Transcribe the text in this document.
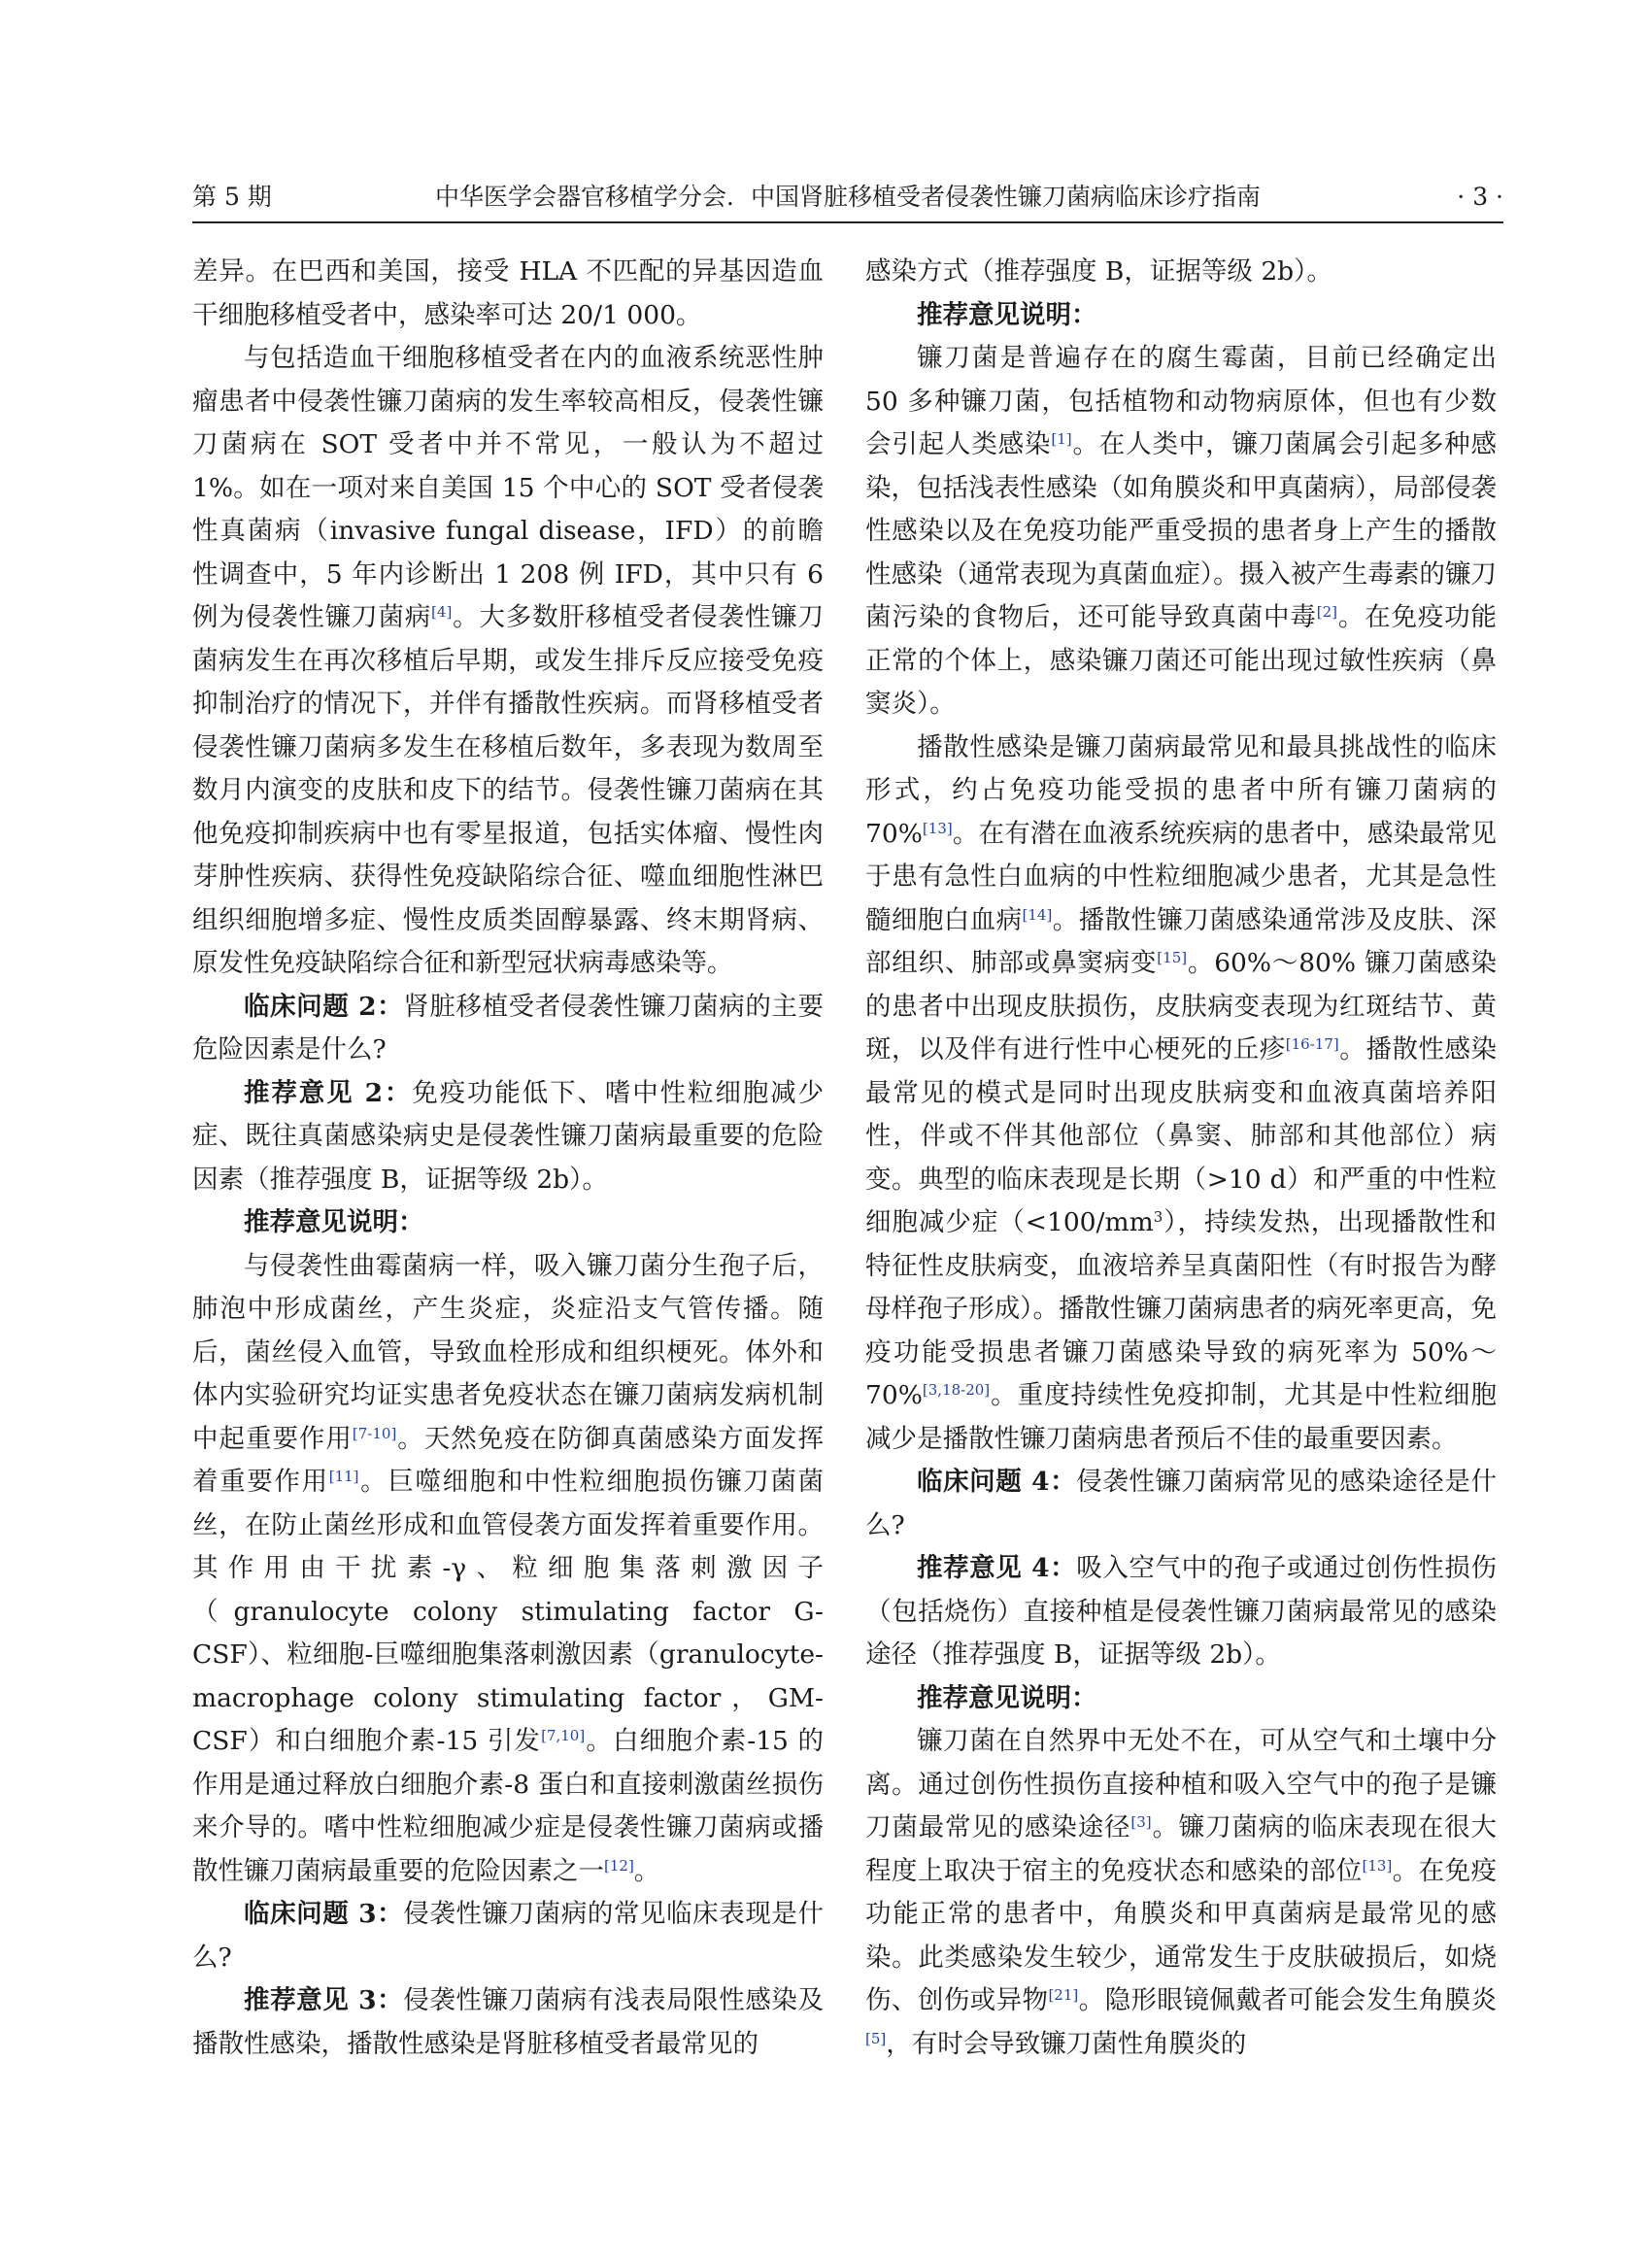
第 5 期	中华医学会器官移植学分会．中国肾脏移植受者侵袭性镰刀菌病临床诊疗指南	· 3 ·

差异。在巴西和美国，接受 HLA 不匹配的异基因造血干细胞移植受者中，感染率可达 20/1 000。

与包括造血干细胞移植受者在内的血液系统恶性肿瘤患者中侵袭性镰刀菌病的发生率较高相反，侵袭性镰刀菌病在 SOT 受者中并不常见，一般认为不超过 1%。如在一项对来自美国 15 个中心的 SOT 受者侵袭性真菌病（invasive fungal disease，IFD）的前瞻性调查中，5 年内诊断出 1 208 例 IFD，其中只有 6 例为侵袭性镰刀菌病[4]。大多数肝移植受者侵袭性镰刀菌病发生在再次移植后早期，或发生排斥反应接受免疫抑制治疗的情况下，并伴有播散性疾病。而肾移植受者侵袭性镰刀菌病多发生在移植后数年，多表现为数周至数月内演变的皮肤和皮下的结节。侵袭性镰刀菌病在其他免疫抑制疾病中也有零星报道，包括实体瘤、慢性肉芽肿性疾病、获得性免疫缺陷综合征、噬血细胞性淋巴组织细胞增多症、慢性皮质类固醇暴露、终末期肾病、原发性免疫缺陷综合征和新型冠状病毒感染等。

临床问题 2：肾脏移植受者侵袭性镰刀菌病的主要危险因素是什么?

推荐意见 2：免疫功能低下、嗜中性粒细胞减少症、既往真菌感染病史是侵袭性镰刀菌病最重要的危险因素（推荐强度 B，证据等级 2b）。

推荐意见说明：

与侵袭性曲霉菌病一样，吸入镰刀菌分生孢子后，肺泡中形成菌丝，产生炎症，炎症沿支气管传播。随后，菌丝侵入血管，导致血栓形成和组织梗死。体外和体内实验研究均证实患者免疫状态在镰刀菌病发病机制中起重要作用[7-10]。天然免疫在防御真菌感染方面发挥着重要作用[11]。巨噬细胞和中性粒细胞损伤镰刀菌菌丝，在防止菌丝形成和血管侵袭方面发挥着重要作用。其作用由干扰素-γ、粒细胞集落刺激因子（granulocyte colony stimulating factor G-CSF）、粒细胞-巨噬细胞集落刺激因素（granulocyte-macrophage colony stimulating factor，GM-CSF）和白细胞介素-15 引发[7,10]。白细胞介素-15 的作用是通过释放白细胞介素-8 蛋白和直接刺激菌丝损伤来介导的。嗜中性粒细胞减少症是侵袭性镰刀菌病或播散性镰刀菌病最重要的危险因素之一[12]。

临床问题 3：侵袭性镰刀菌病的常见临床表现是什么?

推荐意见 3：侵袭性镰刀菌病有浅表局限性感染及播散性感染，播散性感染是肾脏移植受者最常见的

感染方式（推荐强度 B，证据等级 2b）。

推荐意见说明：

镰刀菌是普遍存在的腐生霉菌，目前已经确定出 50 多种镰刀菌，包括植物和动物病原体，但也有少数会引起人类感染[1]。在人类中，镰刀菌属会引起多种感染，包括浅表性感染（如角膜炎和甲真菌病），局部侵袭性感染以及在免疫功能严重受损的患者身上产生的播散性感染（通常表现为真菌血症）。摄入被产生毒素的镰刀菌污染的食物后，还可能导致真菌中毒[2]。在免疫功能正常的个体上，感染镰刀菌还可能出现过敏性疾病（鼻窦炎）。

播散性感染是镰刀菌病最常见和最具挑战性的临床形式，约占免疫功能受损的患者中所有镰刀菌病的 70%[13]。在有潜在血液系统疾病的患者中，感染最常见于患有急性白血病的中性粒细胞减少患者，尤其是急性髓细胞白血病[14]。播散性镰刀菌感染通常涉及皮肤、深部组织、肺部或鼻窦病变[15]。60%～80% 镰刀菌感染的患者中出现皮肤损伤，皮肤病变表现为红斑结节、黄斑，以及伴有进行性中心梗死的丘疹[16-17]。播散性感染最常见的模式是同时出现皮肤病变和血液真菌培养阳性，伴或不伴其他部位（鼻窦、肺部和其他部位）病变。典型的临床表现是长期（>10 d）和严重的中性粒细胞减少症$(<100/mm^3)$，持续发热，出现播散性和特征性皮肤病变，血液培养呈真菌阳性（有时报告为酵母样孢子形成）。播散性镰刀菌病患者的病死率更高，免疫功能受损患者镰刀菌感染导致的病死率为 50%～70%[3,18-20]。重度持续性免疫抑制，尤其是中性粒细胞减少是播散性镰刀菌病患者预后不佳的最重要因素。

临床问题 4：侵袭性镰刀菌病常见的感染途径是什么?

推荐意见 4：吸入空气中的孢子或通过创伤性损伤（包括烧伤）直接种植是侵袭性镰刀菌病最常见的感染途径（推荐强度 B，证据等级 2b）。

推荐意见说明：

镰刀菌在自然界中无处不在，可从空气和土壤中分离。通过创伤性损伤直接种植和吸入空气中的孢子是镰刀菌最常见的感染途径[3]。镰刀菌病的临床表现在很大程度上取决于宿主的免疫状态和感染的部位[13]。在免疫功能正常的患者中，角膜炎和甲真菌病是最常见的感染。此类感染发生较少，通常发生于皮肤破损后，如烧伤、创伤或异物[21]。隐形眼镜佩戴者可能会发生角膜炎[5]，有时会导致镰刀菌性角膜炎的
